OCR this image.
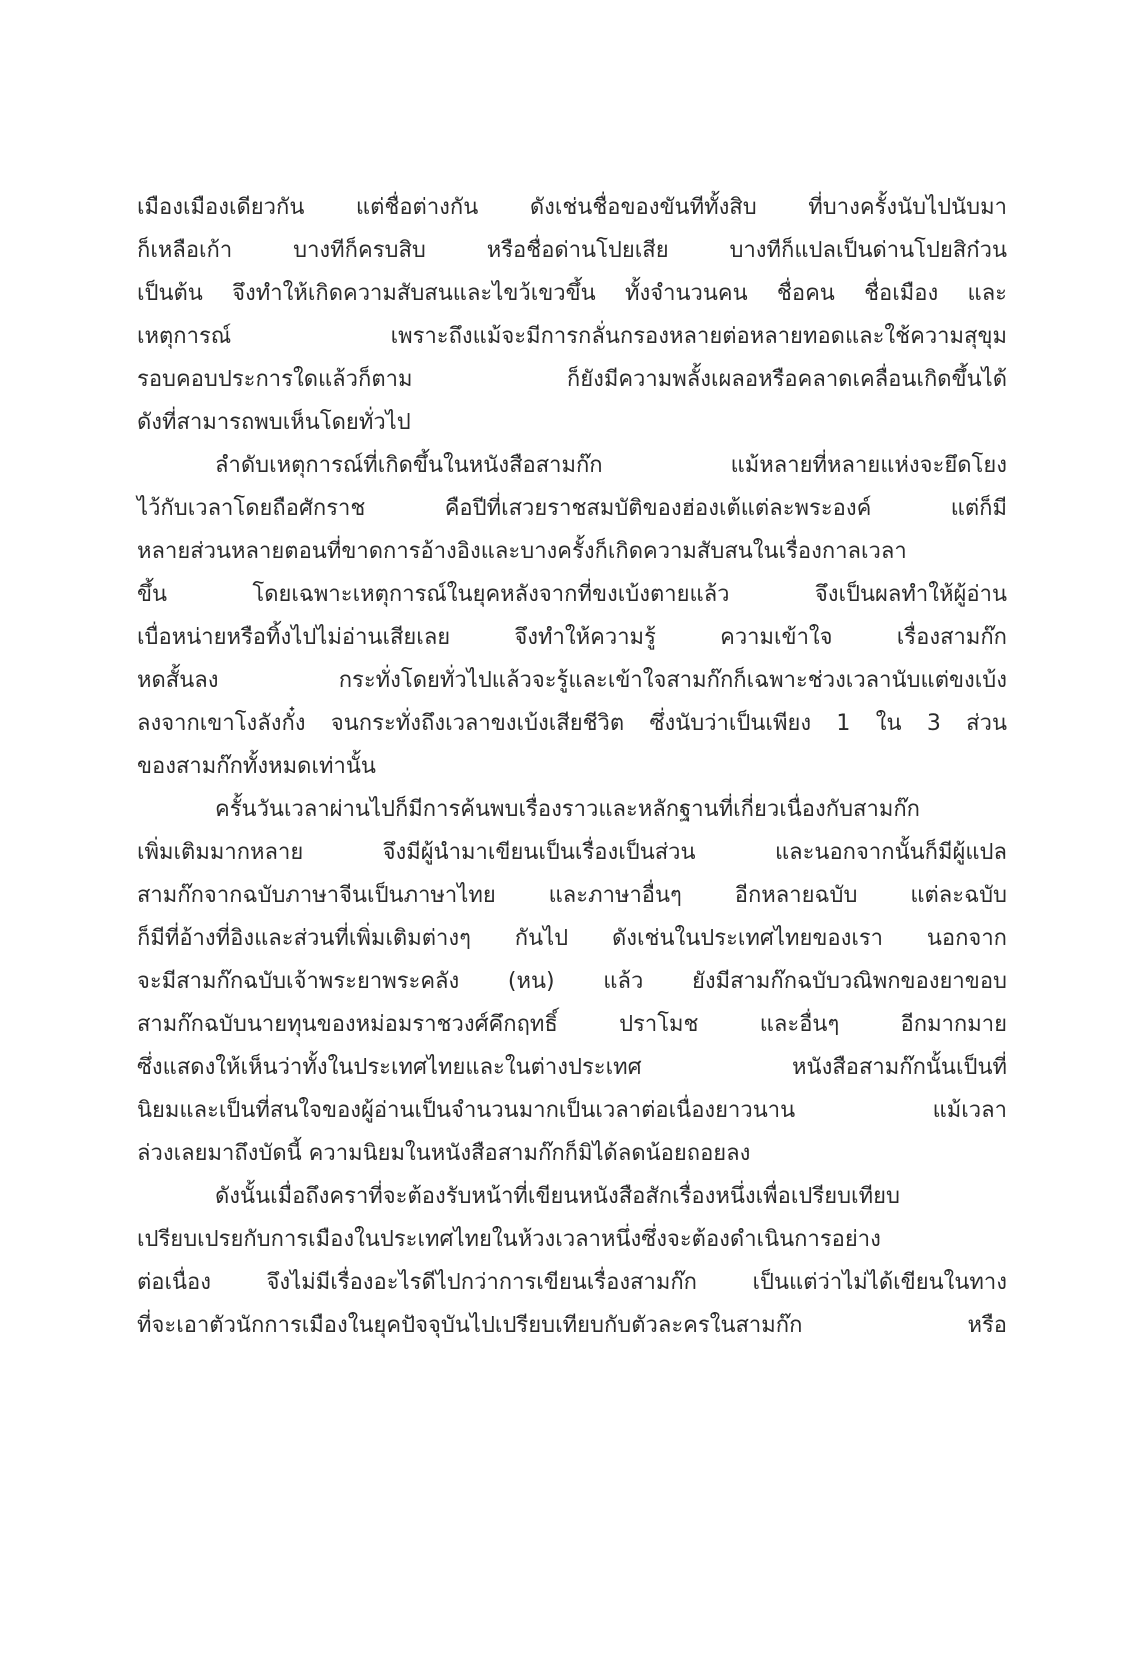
เมืองเมืองเดียวกัน แต่ชื่อต่างกัน ดังเช่นชื่อของขันทีทั้งสิบ ที่บางครั้งนับไปนับมา
ก็เหลือเก้า บางทีก็ครบสิบ หรือชื่อด่านโปยเสีย บางทีก็แปลเป็นด่านโปยสิก๋วน
เป็นต้น จึงทำให้เกิดความสับสนและไขว้เขวขึ้น ทั้งจำนวนคน ชื่อคน ชื่อเมือง และ
เหตุการณ์ เพราะถึงแม้จะมีการกลั่นกรองหลายต่อหลายทอดและใช้ความสุขุม
รอบคอบประการใดแล้วก็ตาม ก็ยังมีความพลั้งเผลอหรือคลาดเคลื่อนเกิดขึ้นได้
ดังที่สามารถพบเห็นโดยทั่วไป
ลำดับเหตุการณ์ที่เกิดขึ้นในหนังสือสามก๊ก แม้หลายที่หลายแห่งจะยึดโยง
ไว้กับเวลาโดยถือศักราช คือปีที่เสวยราชสมบัติของฮ่องเต้แต่ละพระองค์ แต่ก็มี
หลายส่วนหลายตอนที่ขาดการอ้างอิงและบางครั้งก็เกิดความสับสนในเรื่องกาลเวลา
ขึ้น โดยเฉพาะเหตุการณ์ในยุคหลังจากที่ขงเบ้งตายแล้ว จึงเป็นผลทำให้ผู้อ่าน
เบื่อหน่ายหรือทิ้งไปไม่อ่านเสียเลย จึงทำให้ความรู้ ความเข้าใจ เรื่องสามก๊ก
หดสั้นลง กระทั่งโดยทั่วไปแล้วจะรู้และเข้าใจสามก๊กก็เฉพาะช่วงเวลานับแต่ขงเบ้ง
ลงจากเขาโงลังกั๋ง จนกระทั่งถึงเวลาขงเบ้งเสียชีวิต ซึ่งนับว่าเป็นเพียง 1 ใน 3 ส่วน
ของสามก๊กทั้งหมดเท่านั้น
ครั้นวันเวลาผ่านไปก็มีการค้นพบเรื่องราวและหลักฐานที่เกี่ยวเนื่องกับสามก๊ก
เพิ่มเติมมากหลาย จึงมีผู้นำมาเขียนเป็นเรื่องเป็นส่วน และนอกจากนั้นก็มีผู้แปล
สามก๊กจากฉบับภาษาจีนเป็นภาษาไทย และภาษาอื่นๆ อีกหลายฉบับ แต่ละฉบับ
ก็มีที่อ้างที่อิงและส่วนที่เพิ่มเติมต่างๆ กันไป ดังเช่นในประเทศไทยของเรา นอกจาก
จะมีสามก๊กฉบับเจ้าพระยาพระคลัง (หน) แล้ว ยังมีสามก๊กฉบับวณิพกของยาขอบ
สามก๊กฉบับนายทุนของหม่อมราชวงศ์คึกฤทธิ์ ปราโมช และอื่นๆ อีกมากมาย
ซึ่งแสดงให้เห็นว่าทั้งในประเทศไทยและในต่างประเทศ หนังสือสามก๊กนั้นเป็นที่
นิยมและเป็นที่สนใจของผู้อ่านเป็นจำนวนมากเป็นเวลาต่อเนื่องยาวนาน แม้เวลา
ล่วงเลยมาถึงบัดนี้ ความนิยมในหนังสือสามก๊กก็มิได้ลดน้อยถอยลง
ดังนั้นเมื่อถึงคราที่จะต้องรับหน้าที่เขียนหนังสือสักเรื่องหนึ่งเพื่อเปรียบเทียบ
เปรียบเปรยกับการเมืองในประเทศไทยในห้วงเวลาหนึ่งซึ่งจะต้องดำเนินการอย่าง
ต่อเนื่อง จึงไม่มีเรื่องอะไรดีไปกว่าการเขียนเรื่องสามก๊ก เป็นแต่ว่าไม่ได้เขียนในทาง
ที่จะเอาตัวนักการเมืองในยุคปัจจุบันไปเปรียบเทียบกับตัวละครในสามก๊ก หรือ
